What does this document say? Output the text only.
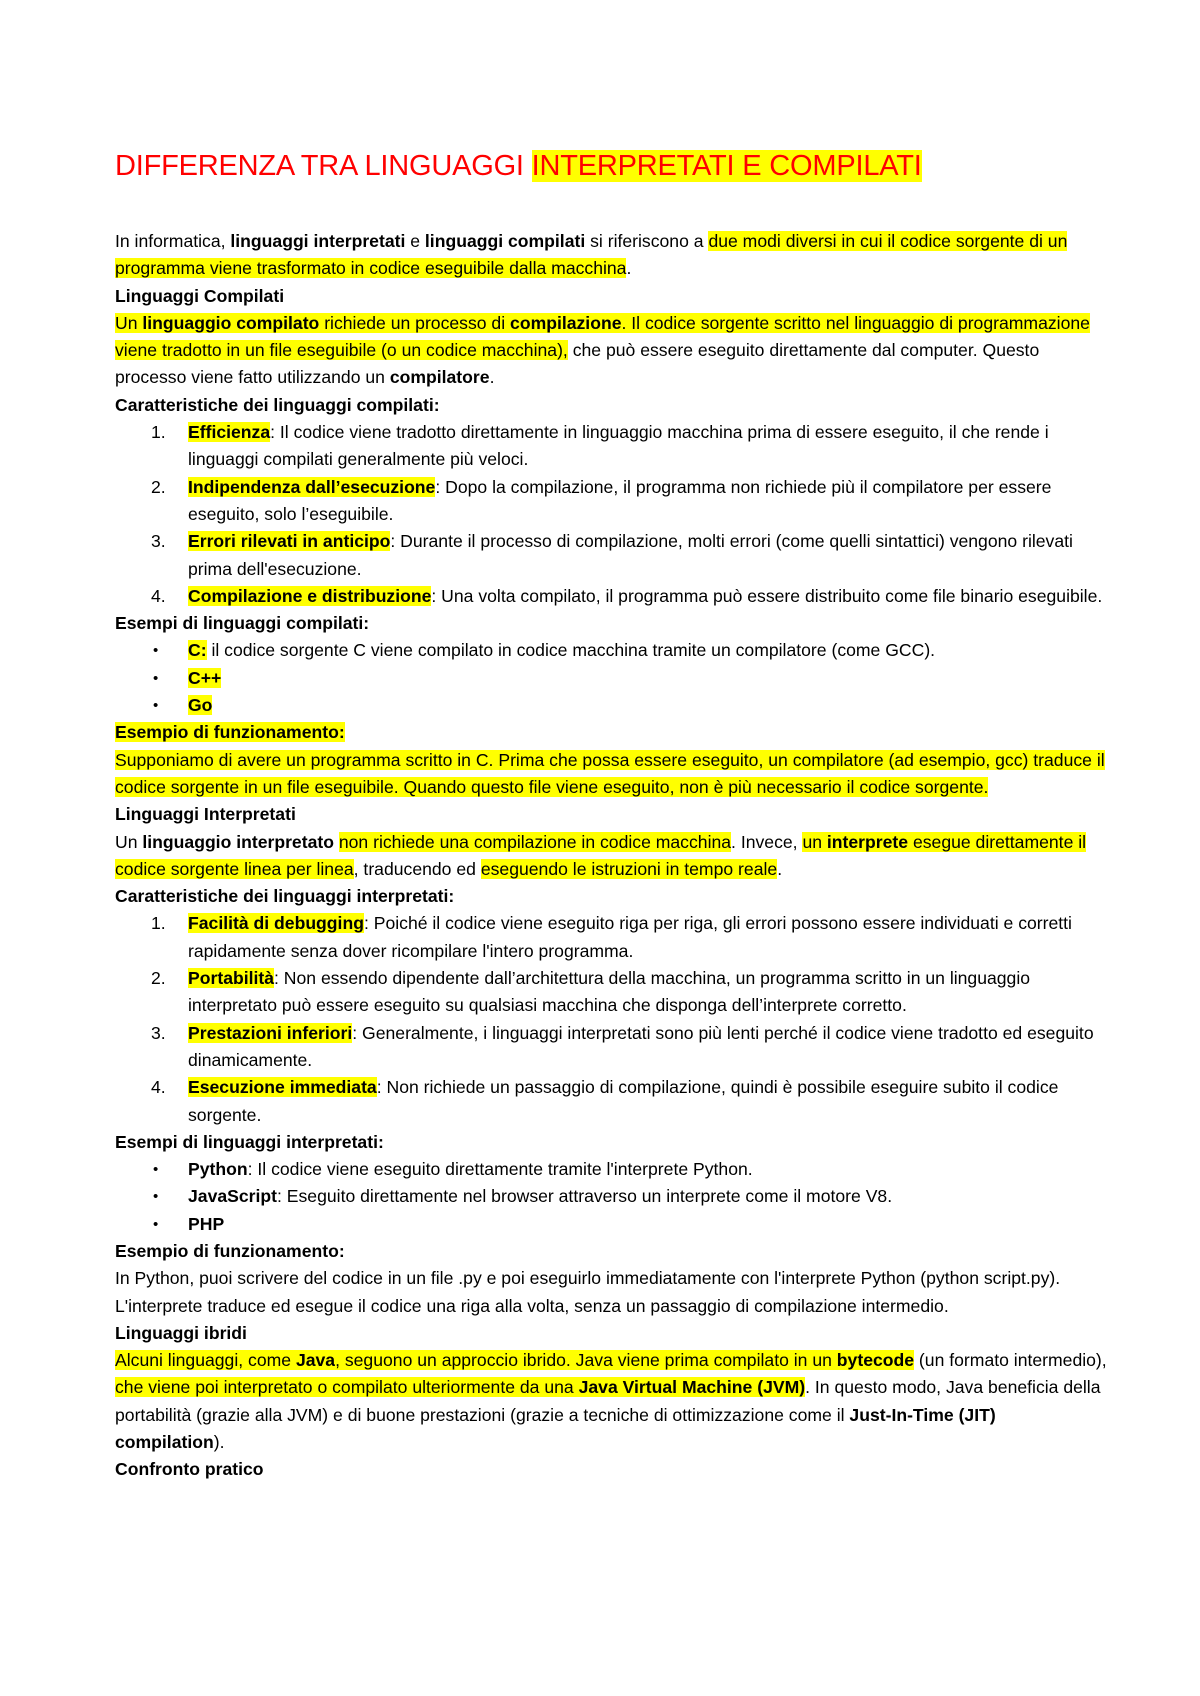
DIFFERENZA TRA LINGUAGGI INTERPRETATI E COMPILATI

In informatica, linguaggi interpretati e linguaggi compilati si riferiscono a due modi diversi in cui il codice sorgente di un programma viene trasformato in codice eseguibile dalla macchina.

Linguaggi Compilati

Un linguaggio compilato richiede un processo di compilazione. Il codice sorgente scritto nel linguaggio di programmazione viene tradotto in un file eseguibile (o un codice macchina), che può essere eseguito direttamente dal computer. Questo processo viene fatto utilizzando un compilatore.

Caratteristiche dei linguaggi compilati:
1. Efficienza: Il codice viene tradotto direttamente in linguaggio macchina prima di essere eseguito, il che rende i linguaggi compilati generalmente più veloci.
2. Indipendenza dall’esecuzione: Dopo la compilazione, il programma non richiede più il compilatore per essere eseguito, solo l’eseguibile.
3. Errori rilevati in anticipo: Durante il processo di compilazione, molti errori (come quelli sintattici) vengono rilevati prima dell'esecuzione.
4. Compilazione e distribuzione: Una volta compilato, il programma può essere distribuito come file binario eseguibile.
Esempi di linguaggi compilati:
• C: il codice sorgente C viene compilato in codice macchina tramite un compilatore (come GCC).
• C++
• Go
Esempio di funzionamento:

Supponiamo di avere un programma scritto in C. Prima che possa essere eseguito, un compilatore (ad esempio, gcc) traduce il codice sorgente in un file eseguibile. Quando questo file viene eseguito, non è più necessario il codice sorgente.

Linguaggi Interpretati

Un linguaggio interpretato non richiede una compilazione in codice macchina. Invece, un interprete esegue direttamente il codice sorgente linea per linea, traducendo ed eseguendo le istruzioni in tempo reale.

Caratteristiche dei linguaggi interpretati:
1. Facilità di debugging: Poiché il codice viene eseguito riga per riga, gli errori possono essere individuati e corretti rapidamente senza dover ricompilare l'intero programma.
2. Portabilità: Non essendo dipendente dall’architettura della macchina, un programma scritto in un linguaggio interpretato può essere eseguito su qualsiasi macchina che disponga dell’interprete corretto.
3. Prestazioni inferiori: Generalmente, i linguaggi interpretati sono più lenti perché il codice viene tradotto ed eseguito dinamicamente.
4. Esecuzione immediata: Non richiede un passaggio di compilazione, quindi è possibile eseguire subito il codice sorgente.
Esempi di linguaggi interpretati:
• Python: Il codice viene eseguito direttamente tramite l'interprete Python.
• JavaScript: Eseguito direttamente nel browser attraverso un interprete come il motore V8.
• PHP
Esempio di funzionamento:

In Python, puoi scrivere del codice in un file .py e poi eseguirlo immediatamente con l'interprete Python (python script.py). L'interprete traduce ed esegue il codice una riga alla volta, senza un passaggio di compilazione intermedio.

Linguaggi ibridi

Alcuni linguaggi, come Java, seguono un approccio ibrido. Java viene prima compilato in un bytecode (un formato intermedio), che viene poi interpretato o compilato ulteriormente da una Java Virtual Machine (JVM). In questo modo, Java beneficia della portabilità (grazie alla JVM) e di buone prestazioni (grazie a tecniche di ottimizzazione come il Just-In-Time (JIT) compilation).

Confronto pratico
